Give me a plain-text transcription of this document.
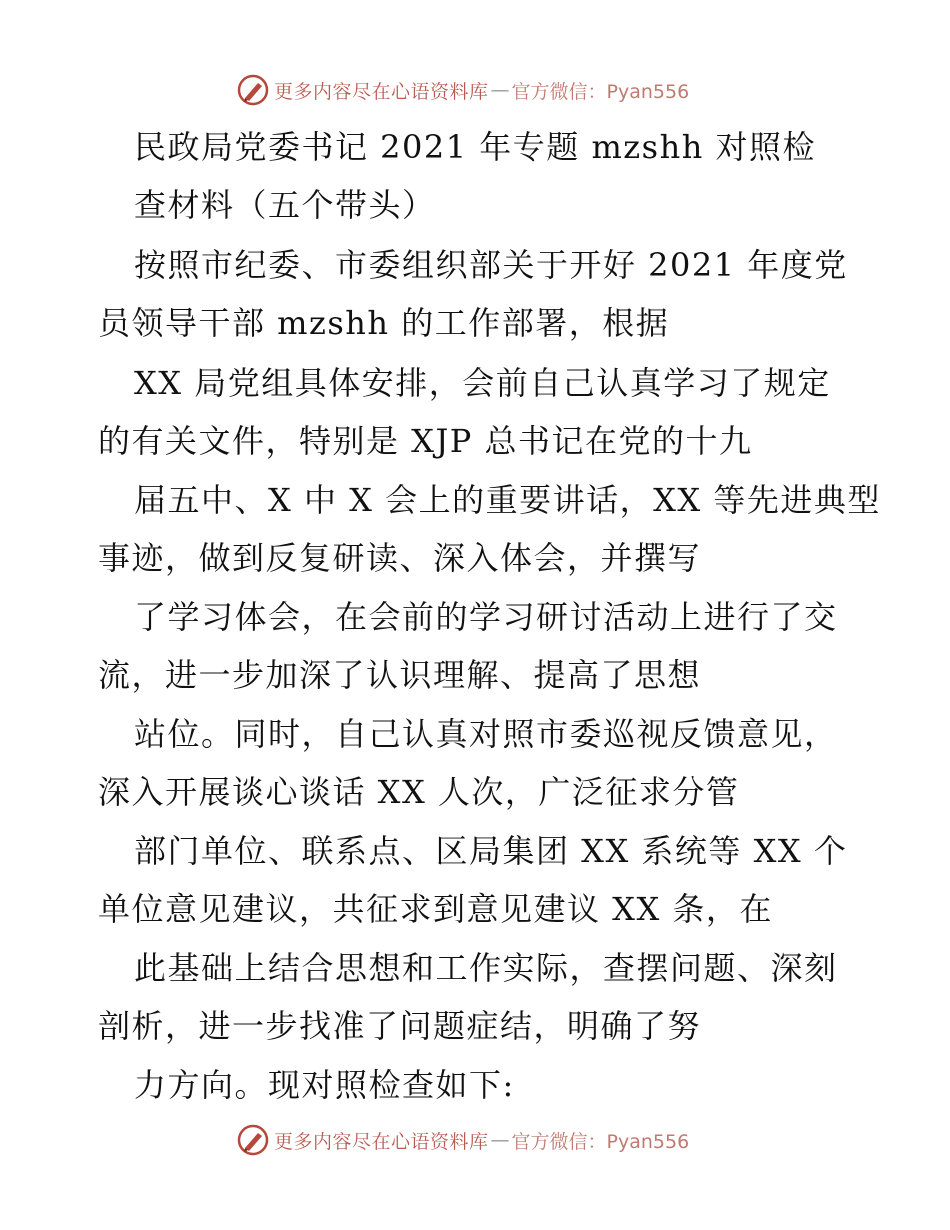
更多内容尽在心语资料库 — 官方微信：Pyan556
民政局党委书记 2021 年专题 mzshh 对照检
查材料（五个带头）
按照市纪委、市委组织部关于开好 2021 年度党
员领导干部 mzshh 的工作部署，根据
XX 局党组具体安排，会前自己认真学习了规定
的有关文件，特别是 XJP 总书记在党的十九
届五中、X 中 X 会上的重要讲话，XX 等先进典型
事迹，做到反复研读、深入体会，并撰写
了学习体会，在会前的学习研讨活动上进行了交
流，进一步加深了认识理解、提高了思想
站位。同时，自己认真对照市委巡视反馈意见，
深入开展谈心谈话 XX 人次，广泛征求分管
部门单位、联系点、区局集团 XX 系统等 XX 个
单位意见建议，共征求到意见建议 XX 条，在
此基础上结合思想和工作实际，查摆问题、深刻
剖析，进一步找准了问题症结，明确了努
力方向。现对照检查如下:
更多内容尽在心语资料库 — 官方微信：Pyan556
